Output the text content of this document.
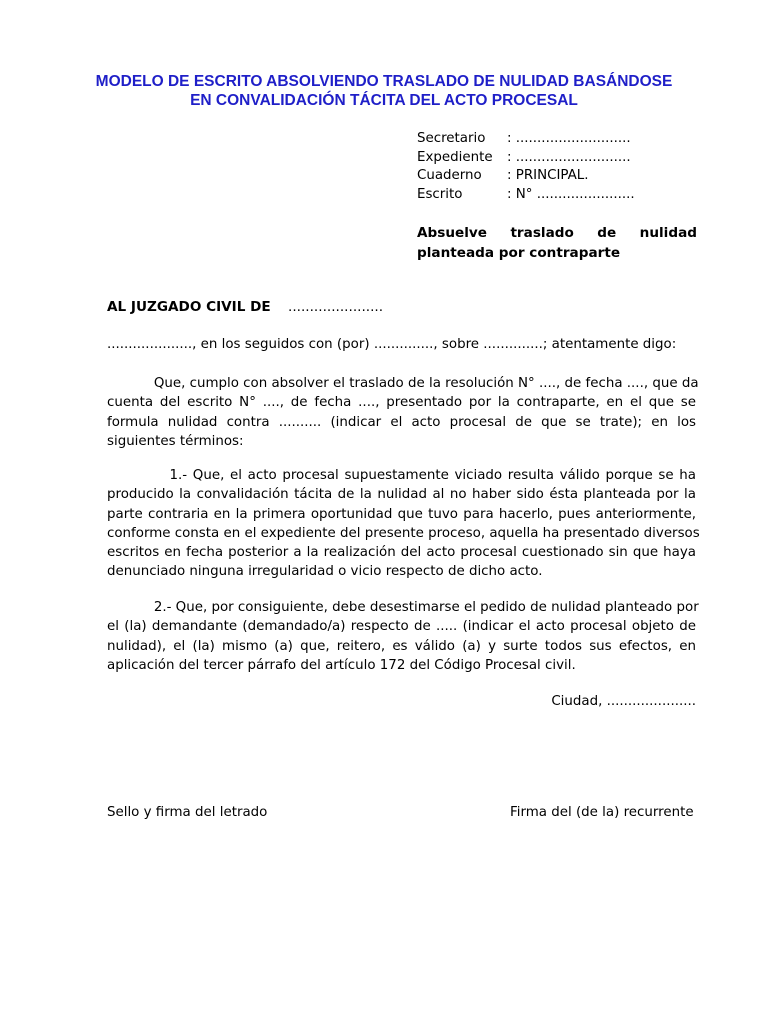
MODELO DE ESCRITO ABSOLVIENDO TRASLADO DE NULIDAD BASÁNDOSE
EN CONVALIDACIÓN TÁCITA DEL ACTO PROCESAL
Secretario	: ...........................
Expediente	: ...........................
Cuaderno	: PRINCIPAL.
Escrito	: N° .......................
Absuelve traslado de nulidad
planteada por contraparte
AL JUZGADO CIVIL DE ......................
...................., en los seguidos con (por) .............., sobre ..............; atentamente digo:
Que, cumplo con absolver el traslado de la resolución N° ...., de fecha ...., que da
cuenta del escrito N° ...., de fecha ...., presentado por la contraparte, en el que se
formula nulidad contra .......... (indicar el acto procesal de que se trate); en los
siguientes términos:
1.- Que, el acto procesal supuestamente viciado resulta válido porque se ha
producido la convalidación tácita de la nulidad al no haber sido ésta planteada por la
parte contraria en la primera oportunidad que tuvo para hacerlo, pues anteriormente,
conforme consta en el expediente del presente proceso, aquella ha presentado diversos
escritos en fecha posterior a la realización del acto procesal cuestionado sin que haya
denunciado ninguna irregularidad o vicio respecto de dicho acto.
2.- Que, por consiguiente, debe desestimarse el pedido de nulidad planteado por
el (la) demandante (demandado/a) respecto de ..... (indicar el acto procesal objeto de
nulidad), el (la) mismo (a) que, reitero, es válido (a) y surte todos sus efectos, en
aplicación del tercer párrafo del artículo 172 del Código Procesal civil.
Ciudad, .....................
Sello y firma del letrado	Firma del (de la) recurrente
